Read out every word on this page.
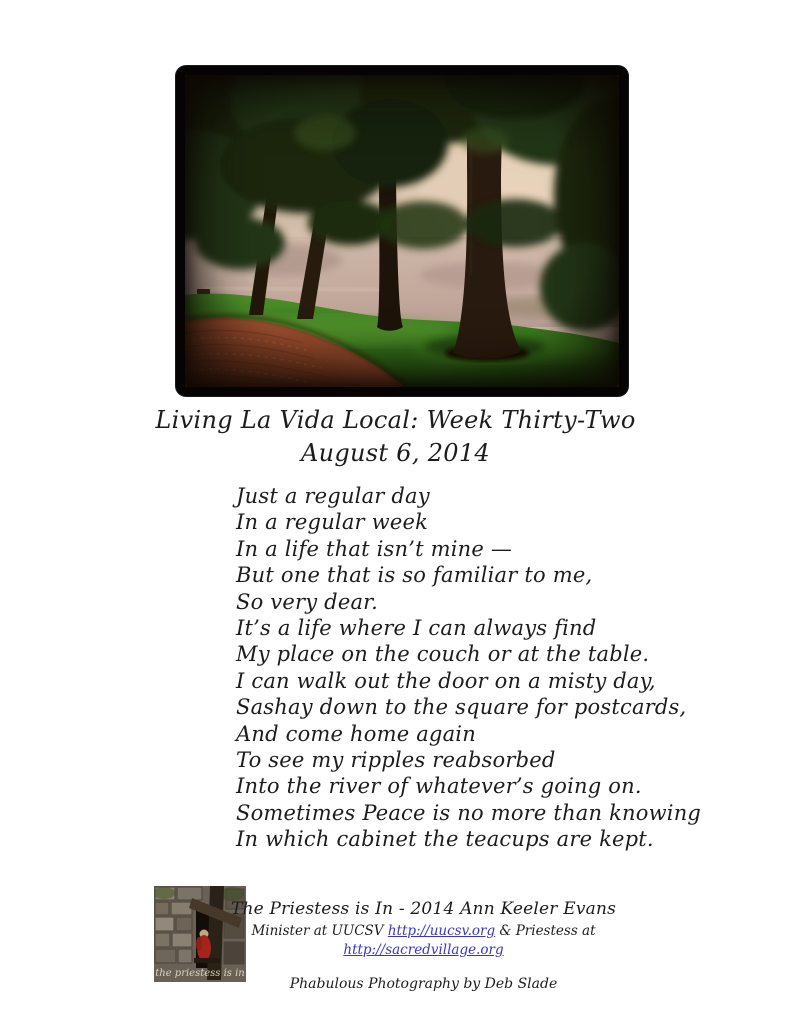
Living La Vida Local: Week Thirty-Two
August 6, 2014
Just a regular day
In a regular week
In a life that isn’t mine —
But one that is so familiar to me,
So very dear.
It’s a life where I can always find
My place on the couch or at the table.
I can walk out the door on a misty day,
Sashay down to the square for postcards,
And come home again
To see my ripples reabsorbed
Into the river of whatever’s going on.
Sometimes Peace is no more than knowing
In which cabinet the teacups are kept.
the priestess is in
The Priestess is In - 2014 Ann Keeler Evans
Minister at UUCSV http://uucsv.org & Priestess at http://sacredvillage.org
Phabulous Photography by Deb Slade
